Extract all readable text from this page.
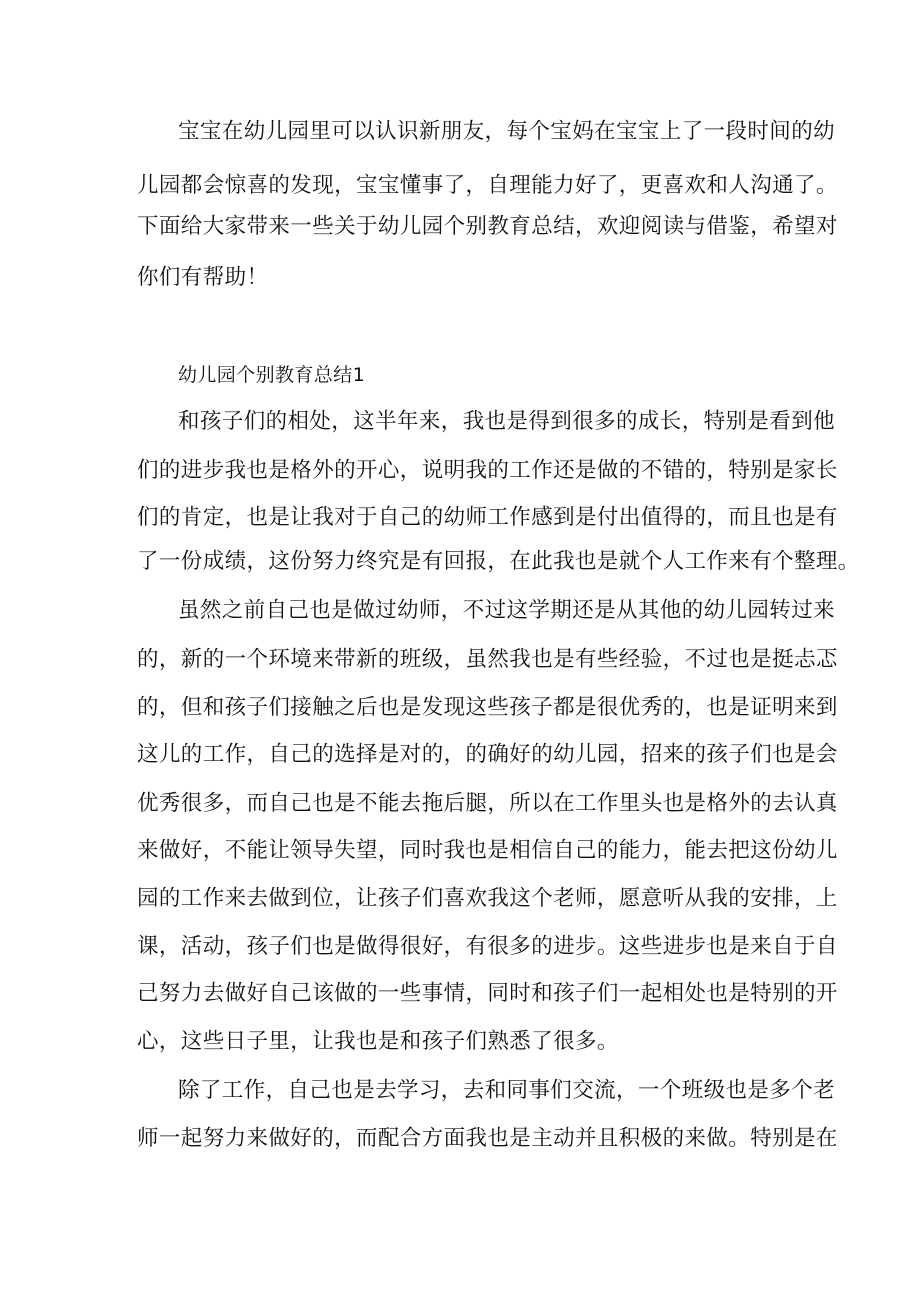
宝宝在幼儿园里可以认识新朋友，每个宝妈在宝宝上了一段时间的幼

儿园都会惊喜的发现，宝宝懂事了，自理能力好了，更喜欢和人沟通了。

下面给大家带来一些关于幼儿园个别教育总结，欢迎阅读与借鉴，希望对

你们有帮助！

幼儿园个别教育总结1

和孩子们的相处，这半年来，我也是得到很多的成长，特别是看到他

们的进步我也是格外的开心，说明我的工作还是做的不错的，特别是家长

们的肯定，也是让我对于自己的幼师工作感到是付出值得的，而且也是有

了一份成绩，这份努力终究是有回报，在此我也是就个人工作来有个整理。

虽然之前自己也是做过幼师，不过这学期还是从其他的幼儿园转过来

的，新的一个环境来带新的班级，虽然我也是有些经验，不过也是挺忐忑

的，但和孩子们接触之后也是发现这些孩子都是很优秀的，也是证明来到

这儿的工作，自己的选择是对的，的确好的幼儿园，招来的孩子们也是会

优秀很多，而自己也是不能去拖后腿，所以在工作里头也是格外的去认真

来做好，不能让领导失望，同时我也是相信自己的能力，能去把这份幼儿

园的工作来去做到位，让孩子们喜欢我这个老师，愿意听从我的安排，上

课，活动，孩子们也是做得很好，有很多的进步。这些进步也是来自于自

己努力去做好自己该做的一些事情，同时和孩子们一起相处也是特别的开

心，这些日子里，让我也是和孩子们熟悉了很多。

除了工作，自己也是去学习，去和同事们交流，一个班级也是多个老

师一起努力来做好的，而配合方面我也是主动并且积极的来做。特别是在
